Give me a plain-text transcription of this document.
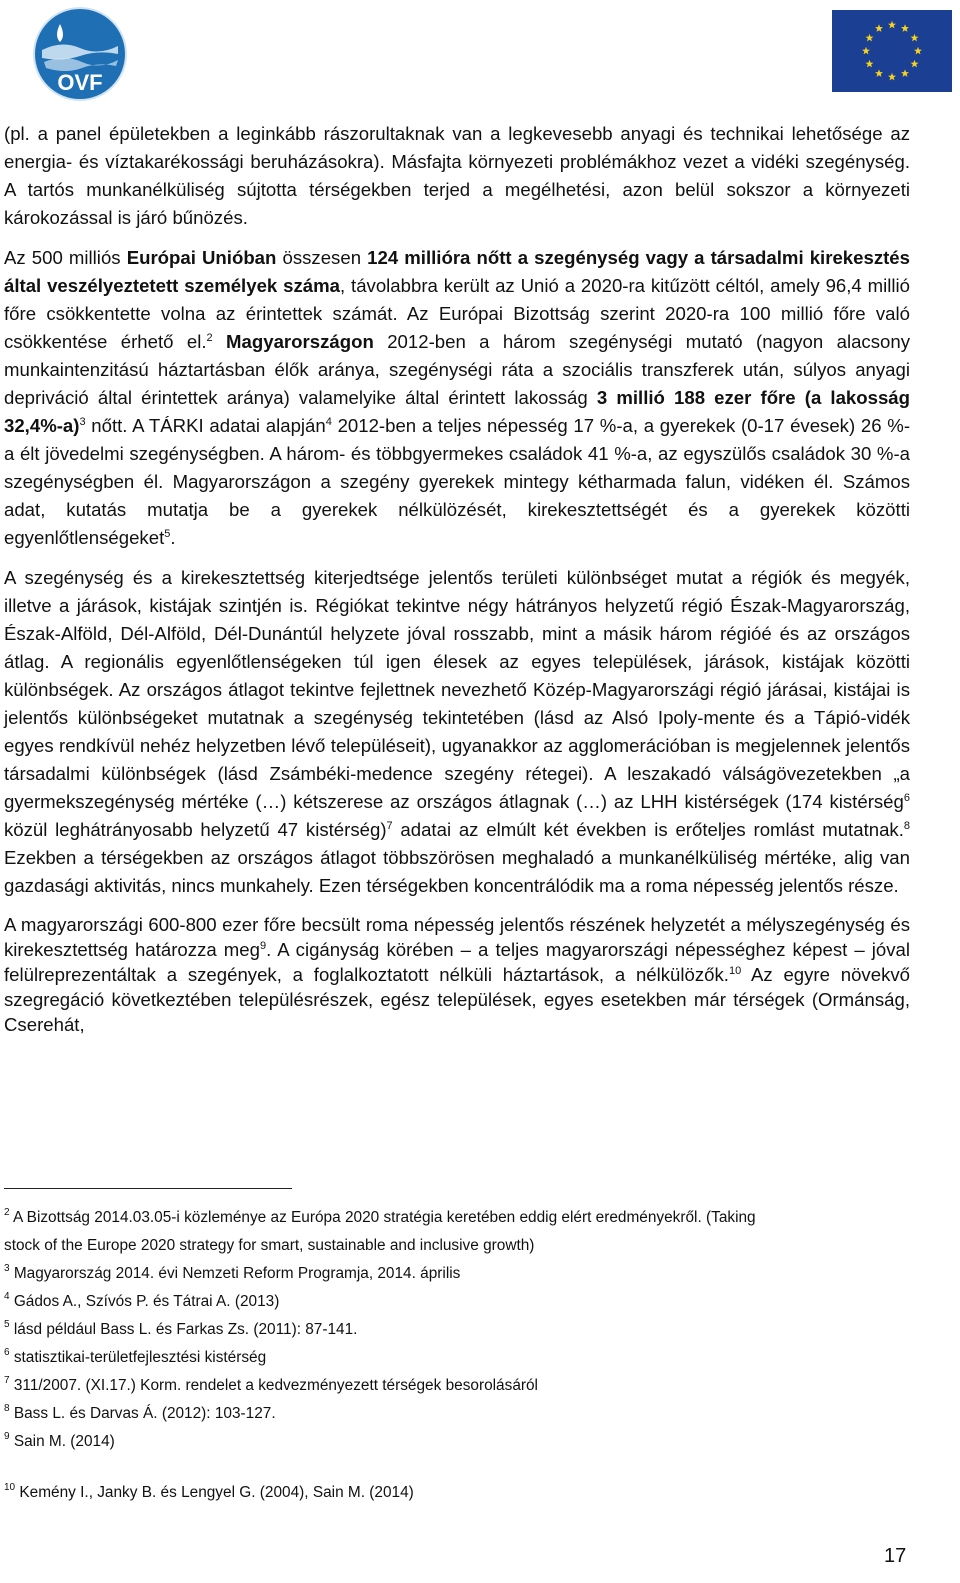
OVF

(pl. a panel épületekben a leginkább rászorultaknak van a legkevesebb anyagi és technikai lehetősége az energia- és víztakarékossági beruházásokra). Másfajta környezeti problémákhoz vezet a vidéki szegénység. A tartós munkanélküliség sújtotta térségekben terjed a megélhetési, azon belül sokszor a környezeti károkozással is járó bűnözés.

Az 500 milliós Európai Unióban összesen 124 millióra nőtt a szegénység vagy a társadalmi kirekesztés által veszélyeztetett személyek száma, távolabbra került az Unió a 2020-ra kitűzött céltól, amely 96,4 millió főre csökkentette volna az érintettek számát. Az Európai Bizottság szerint 2020-ra 100 millió főre való csökkentése érhető el.$^2$ Magyarországon 2012-ben a három szegénységi mutató (nagyon alacsony munkaintenzitású háztartásban élők aránya, szegénységi ráta a szociális transzferek után, súlyos anyagi depriváció által érintettek aránya) valamelyike által érintett lakosság 3 millió 188 ezer főre (a lakosság 32,4%-a)$^3$ nőtt. A TÁRKI adatai alapján$^4$ 2012-ben a teljes népesség 17 %-a, a gyerekek (0-17 évesek) 26 %-a élt jövedelmi szegénységben. A három- és többgyermekes családok 41 %-a, az egyszülős családok 30 %-a szegénységben él. Magyarországon a szegény gyerekek mintegy kétharmada falun, vidéken él. Számos adat, kutatás mutatja be a gyerekek nélkülözését, kirekesztettségét és a gyerekek közötti egyenlőtlenségeket$^5$.

A szegénység és a kirekesztettség kiterjedtsége jelentős területi különbséget mutat a régiók és megyék, illetve a járások, kistájak szintjén is. Régiókat tekintve négy hátrányos helyzetű régió Észak-Magyarország, Észak-Alföld, Dél-Alföld, Dél-Dunántúl helyzete jóval rosszabb, mint a másik három régióé és az országos átlag. A regionális egyenlőtlenségeken túl igen élesek az egyes települések, járások, kistájak közötti különbségek. Az országos átlagot tekintve fejlettnek nevezhető Közép-Magyarországi régió járásai, kistájai is jelentős különbségeket mutatnak a szegénység tekintetében (lásd az Alsó Ipoly-mente és a Tápió-vidék egyes rendkívül nehéz helyzetben lévő településeit), ugyanakkor az agglomerációban is megjelennek jelentős társadalmi különbségek (lásd Zsámbéki-medence szegény rétegei). A leszakadó válságövezetekben „a gyermekszegénység mértéke (…) kétszerese az országos átlagnak (…) az LHH kistérségek (174 kistérség$^6$ közül leghátrányosabb helyzetű 47 kistérség)$^7$ adatai az elmúlt két években is erőteljes romlást mutatnak.$^8$ Ezekben a térségekben az országos átlagot többszörösen meghaladó a munkanélküliség mértéke, alig van gazdasági aktivitás, nincs munkahely. Ezen térségekben koncentrálódik ma a roma népesség jelentős része.

A magyarországi 600-800 ezer főre becsült roma népesség jelentős részének helyzetét a mélyszegénység és kirekesztettség határozza meg$^9$. A cigányság körében – a teljes magyarországi népességhez képest – jóval felülreprezentáltak a szegények, a foglalkoztatott nélküli háztartások, a nélkülözők.$^{10}$ Az egyre növekvő szegregáció következtében településrészek, egész települések, egyes esetekben már térségek (Ormánság, Cserehát,

$^2$ A Bizottság 2014.03.05-i közleménye az Európa 2020 stratégia keretében eddig elért eredményekről. (Taking

stock of the Europe 2020 strategy for smart, sustainable and inclusive growth)

$^3$ Magyarország 2014. évi Nemzeti Reform Programja, 2014. április

$^4$ Gádos A., Szívós P. és Tátrai A. (2013)

$^5$ lásd például Bass L. és Farkas Zs. (2011): 87-141.

$^6$ statisztikai-területfejlesztési kistérség

$^7$ 311/2007. (XI.17.) Korm. rendelet a kedvezményezett térségek besorolásáról

$^8$ Bass L. és Darvas Á. (2012): 103-127.

$^9$ Sain M. (2014)

$^{10}$ Kemény I., Janky B. és Lengyel G. (2004), Sain M. (2014)

17
